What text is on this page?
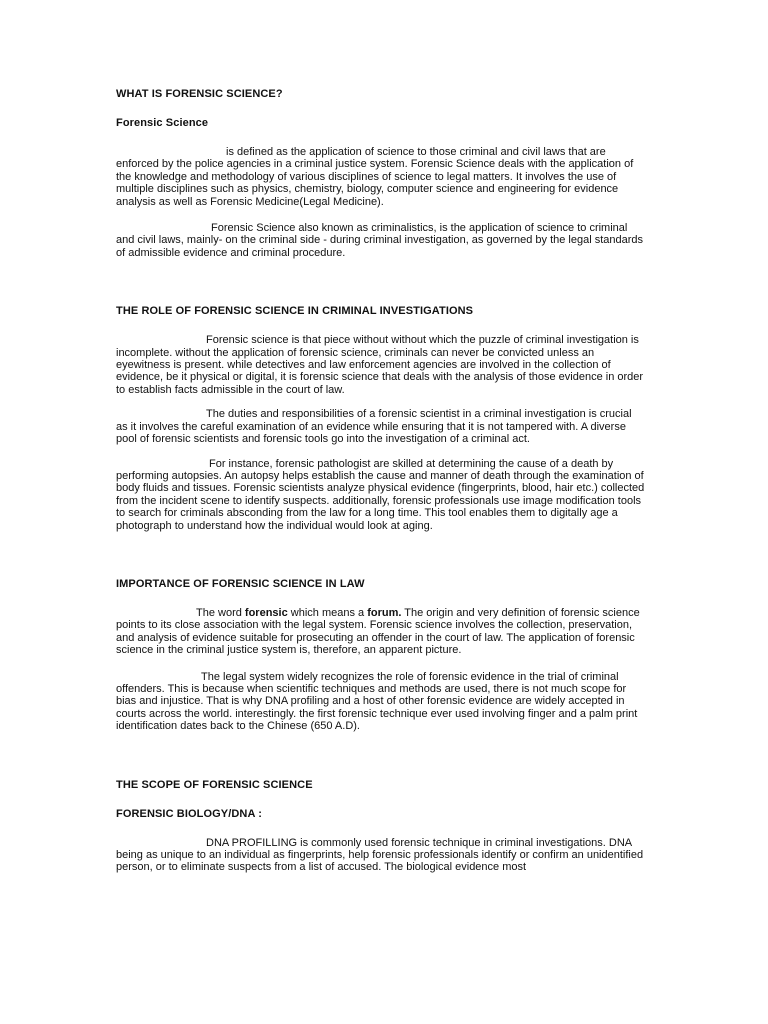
WHAT IS FORENSIC SCIENCE?
Forensic Science

is defined as the application of science to those criminal and civil laws that are enforced by the police agencies in a criminal justice system. Forensic Science deals with the application of the knowledge and methodology of various disciplines of science to legal matters. It involves the use of multiple disciplines such as physics, chemistry, biology, computer science and engineering for evidence analysis as well as Forensic Medicine(Legal Medicine).

Forensic Science also known as criminalistics, is the application of science to criminal and civil laws, mainly- on the criminal side - during criminal investigation, as governed by the legal standards of admissible evidence and criminal procedure.

THE ROLE OF FORENSIC SCIENCE IN CRIMINAL INVESTIGATIONS

Forensic science is that piece without without which the puzzle of criminal investigation is incomplete. without the application of forensic science, criminals can never be convicted unless an eyewitness is present. while detectives and law enforcement agencies are involved in the collection of evidence, be it physical or digital, it is forensic science that deals with the analysis of those evidence in order to establish facts admissible in the court of law.

The duties and responsibilities of a forensic scientist in a criminal investigation is crucial as it involves the careful examination of an evidence while ensuring that it is not tampered with. A diverse pool of forensic scientists and forensic tools go into the investigation of a criminal act.

For instance, forensic pathologist are skilled at determining the cause of a death by performing autopsies. An autopsy helps establish the cause and manner of death through the examination of body fluids and tissues. Forensic scientists analyze physical evidence (fingerprints, blood, hair etc.) collected from the incident scene to identify suspects. additionally, forensic professionals use image modification tools to search for criminals absconding from the law for a long time. This tool enables them to digitally age a photograph to understand how the individual would look at aging.

IMPORTANCE OF FORENSIC SCIENCE IN LAW

The word forensic which means a forum. The origin and very definition of forensic science points to its close association with the legal system. Forensic science involves the collection, preservation, and analysis of evidence suitable for prosecuting an offender in the court of law. The application of forensic science in the criminal justice system is, therefore, an apparent picture.

The legal system widely recognizes the role of forensic evidence in the trial of criminal offenders. This is because when scientific techniques and methods are used, there is not much scope for bias and injustice. That is why DNA profiling and a host of other forensic evidence are widely accepted in courts across the world. interestingly. the first forensic technique ever used involving finger and a palm print identification dates back to the Chinese (650 A.D).

THE SCOPE OF FORENSIC SCIENCE
FORENSIC BIOLOGY/DNA :

DNA PROFILLING is commonly used forensic technique in criminal investigations. DNA being as unique to an individual as fingerprints, help forensic professionals identify or confirm an unidentified person, or to eliminate suspects from a list of accused. The biological evidence most
